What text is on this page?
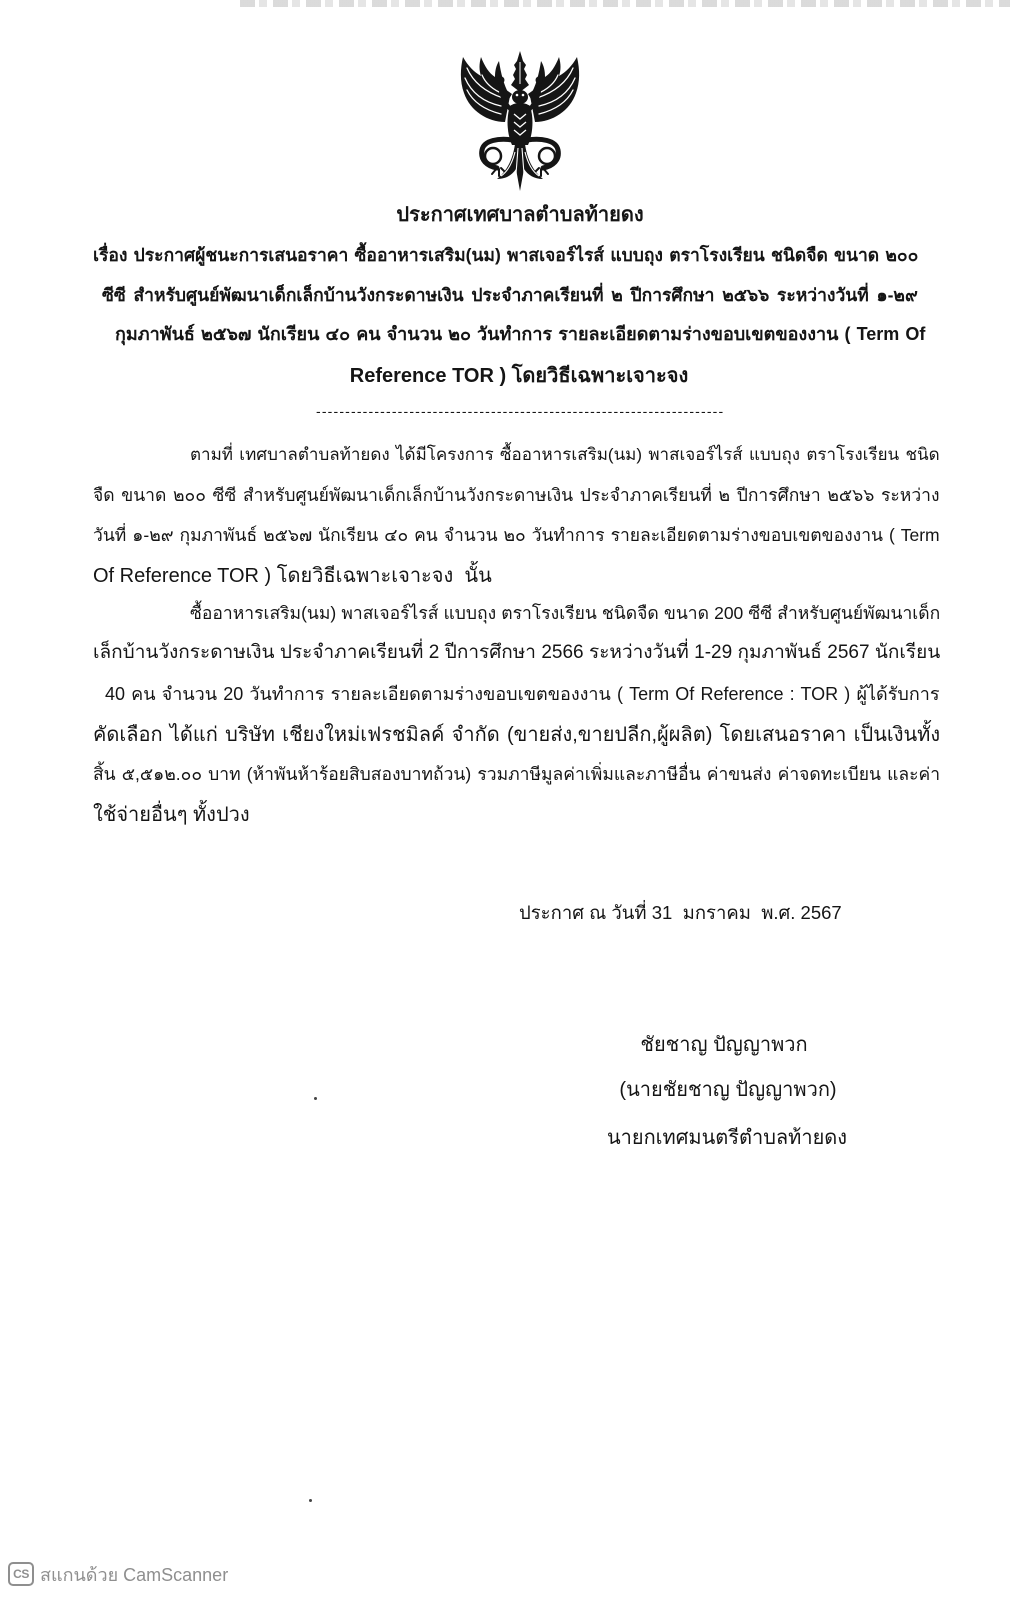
ประกาศเทศบาลตำบลท้ายดง
เรื่อง ประกาศผู้ชนะการเสนอราคา ซื้ออาหารเสริม(นม) พาสเจอร์ไรส์ แบบถุง ตราโรงเรียน ชนิดจืด ขนาด ๒๐๐
ซีซี สำหรับศูนย์พัฒนาเด็กเล็กบ้านวังกระดาษเงิน ประจำภาคเรียนที่ ๒ ปีการศึกษา ๒๕๖๖ ระหว่างวันที่ ๑-๒๙
กุมภาพันธ์ ๒๕๖๗ นักเรียน ๔๐ คน จำนวน ๒๐ วันทำการ รายละเอียดตามร่างขอบเขตของงาน ( Term Of
Reference TOR ) โดยวิธีเฉพาะเจาะจง
----------------------------------------------------------------------
ตามที่ เทศบาลตำบลท้ายดง ได้มีโครงการ ซื้ออาหารเสริม(นม) พาสเจอร์ไรส์ แบบถุง ตราโรงเรียน ชนิด
จืด ขนาด ๒๐๐ ซีซี สำหรับศูนย์พัฒนาเด็กเล็กบ้านวังกระดาษเงิน ประจำภาคเรียนที่ ๒ ปีการศึกษา ๒๕๖๖ ระหว่าง
วันที่ ๑-๒๙ กุมภาพันธ์ ๒๕๖๗ นักเรียน ๔๐ คน จำนวน ๒๐ วันทำการ รายละเอียดตามร่างขอบเขตของงาน ( Term
Of Reference TOR ) โดยวิธีเฉพาะเจาะจง  นั้น
ซื้ออาหารเสริม(นม) พาสเจอร์ไรส์ แบบถุง ตราโรงเรียน ชนิดจืด ขนาด 200 ซีซี สำหรับศูนย์พัฒนาเด็ก
เล็กบ้านวังกระดาษเงิน ประจำภาคเรียนที่ 2 ปีการศึกษา 2566 ระหว่างวันที่ 1-29 กุมภาพันธ์ 2567 นักเรียน
40 คน จำนวน 20 วันทำการ รายละเอียดตามร่างขอบเขตของงาน ( Term Of Reference : TOR ) ผู้ได้รับการ
คัดเลือก ได้แก่ บริษัท เชียงใหม่เฟรชมิลค์ จำกัด (ขายส่ง,ขายปลีก,ผู้ผลิต) โดยเสนอราคา เป็นเงินทั้ง
สิ้น ๕,๕๑๒.๐๐ บาท (ห้าพันห้าร้อยสิบสองบาทถ้วน) รวมภาษีมูลค่าเพิ่มและภาษีอื่น ค่าขนส่ง ค่าจดทะเบียน และค่า
ใช้จ่ายอื่นๆ ทั้งปวง
ประกาศ ณ วันที่ 31  มกราคม  พ.ศ. 2567
ชัยชาญ ปัญญาพวก
(นายชัยชาญ ปัญญาพวก)
นายกเทศมนตรีตำบลท้ายดง
CS สแกนด้วย CamScanner
